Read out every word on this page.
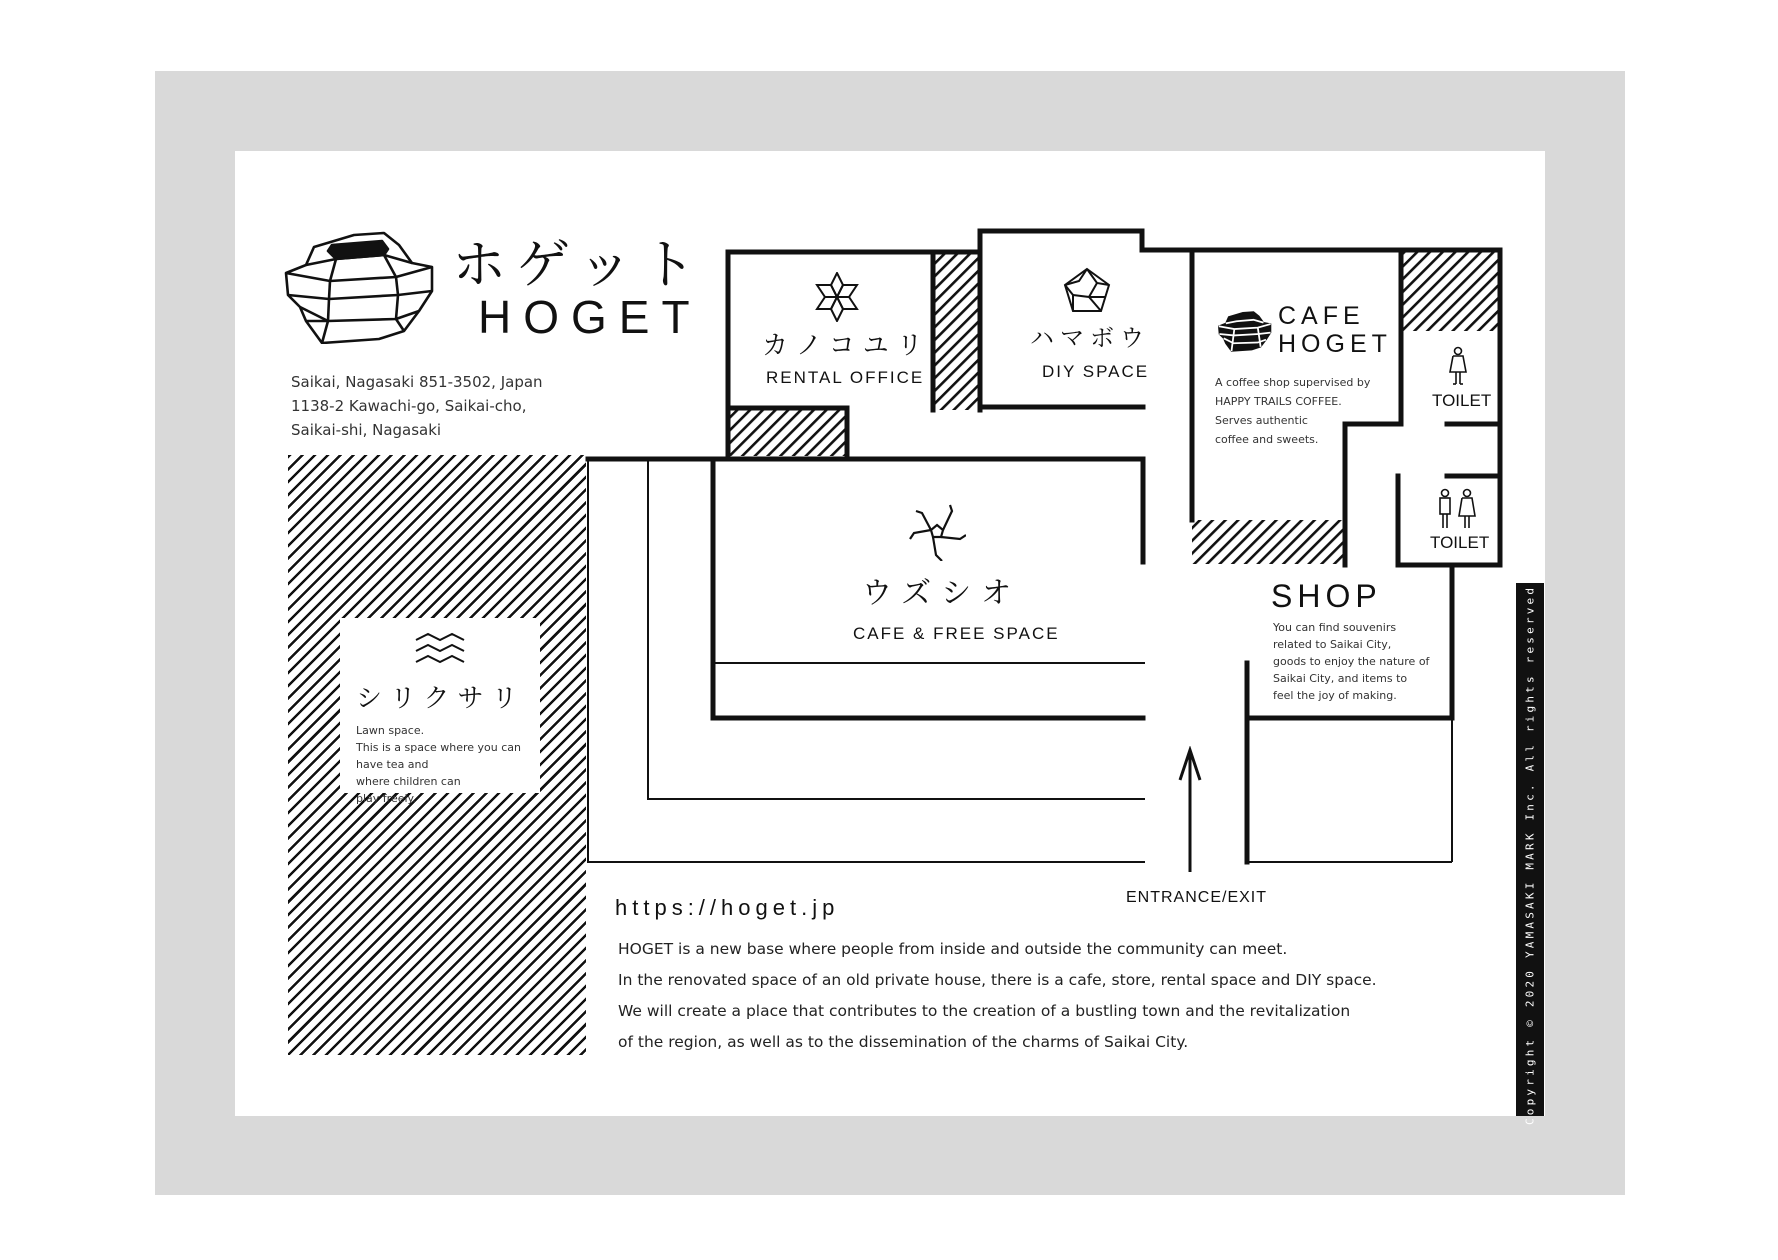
ホゲット
HOGET
Saikai, Nagasaki 851-3502, Japan
1138-2 Kawachi-go, Saikai-cho,
Saikai-shi, Nagasaki
シリクサリ
Lawn space.
This is a space where you can
have tea and
where children can
play freely.
カノコユリ
RENTAL OFFICE
ハマボウ
DIY SPACE
CAFE
HOGET
A coffee shop supervised by
HAPPY TRAILS COFFEE.
Serves authentic
coffee and sweets.
TOILET
TOILET
ウズシオ
CAFE & FREE SPACE
SHOP
You can find souvenirs
related to Saikai City,
goods to enjoy the nature of
Saikai City, and items to
feel the joy of making.
ENTRANCE/EXIT
https://hoget.jp
HOGET is a new base where people from inside and outside the community can meet.
In the renovated space of an old private house, there is a cafe, store, rental space and DIY space.
We will create a place that contributes to the creation of a bustling town and the revitalization
of the region, as well as to the dissemination of the charms of Saikai City.	Copyright © 2020 YAMASAKI MARK Inc. All rights reserved.
